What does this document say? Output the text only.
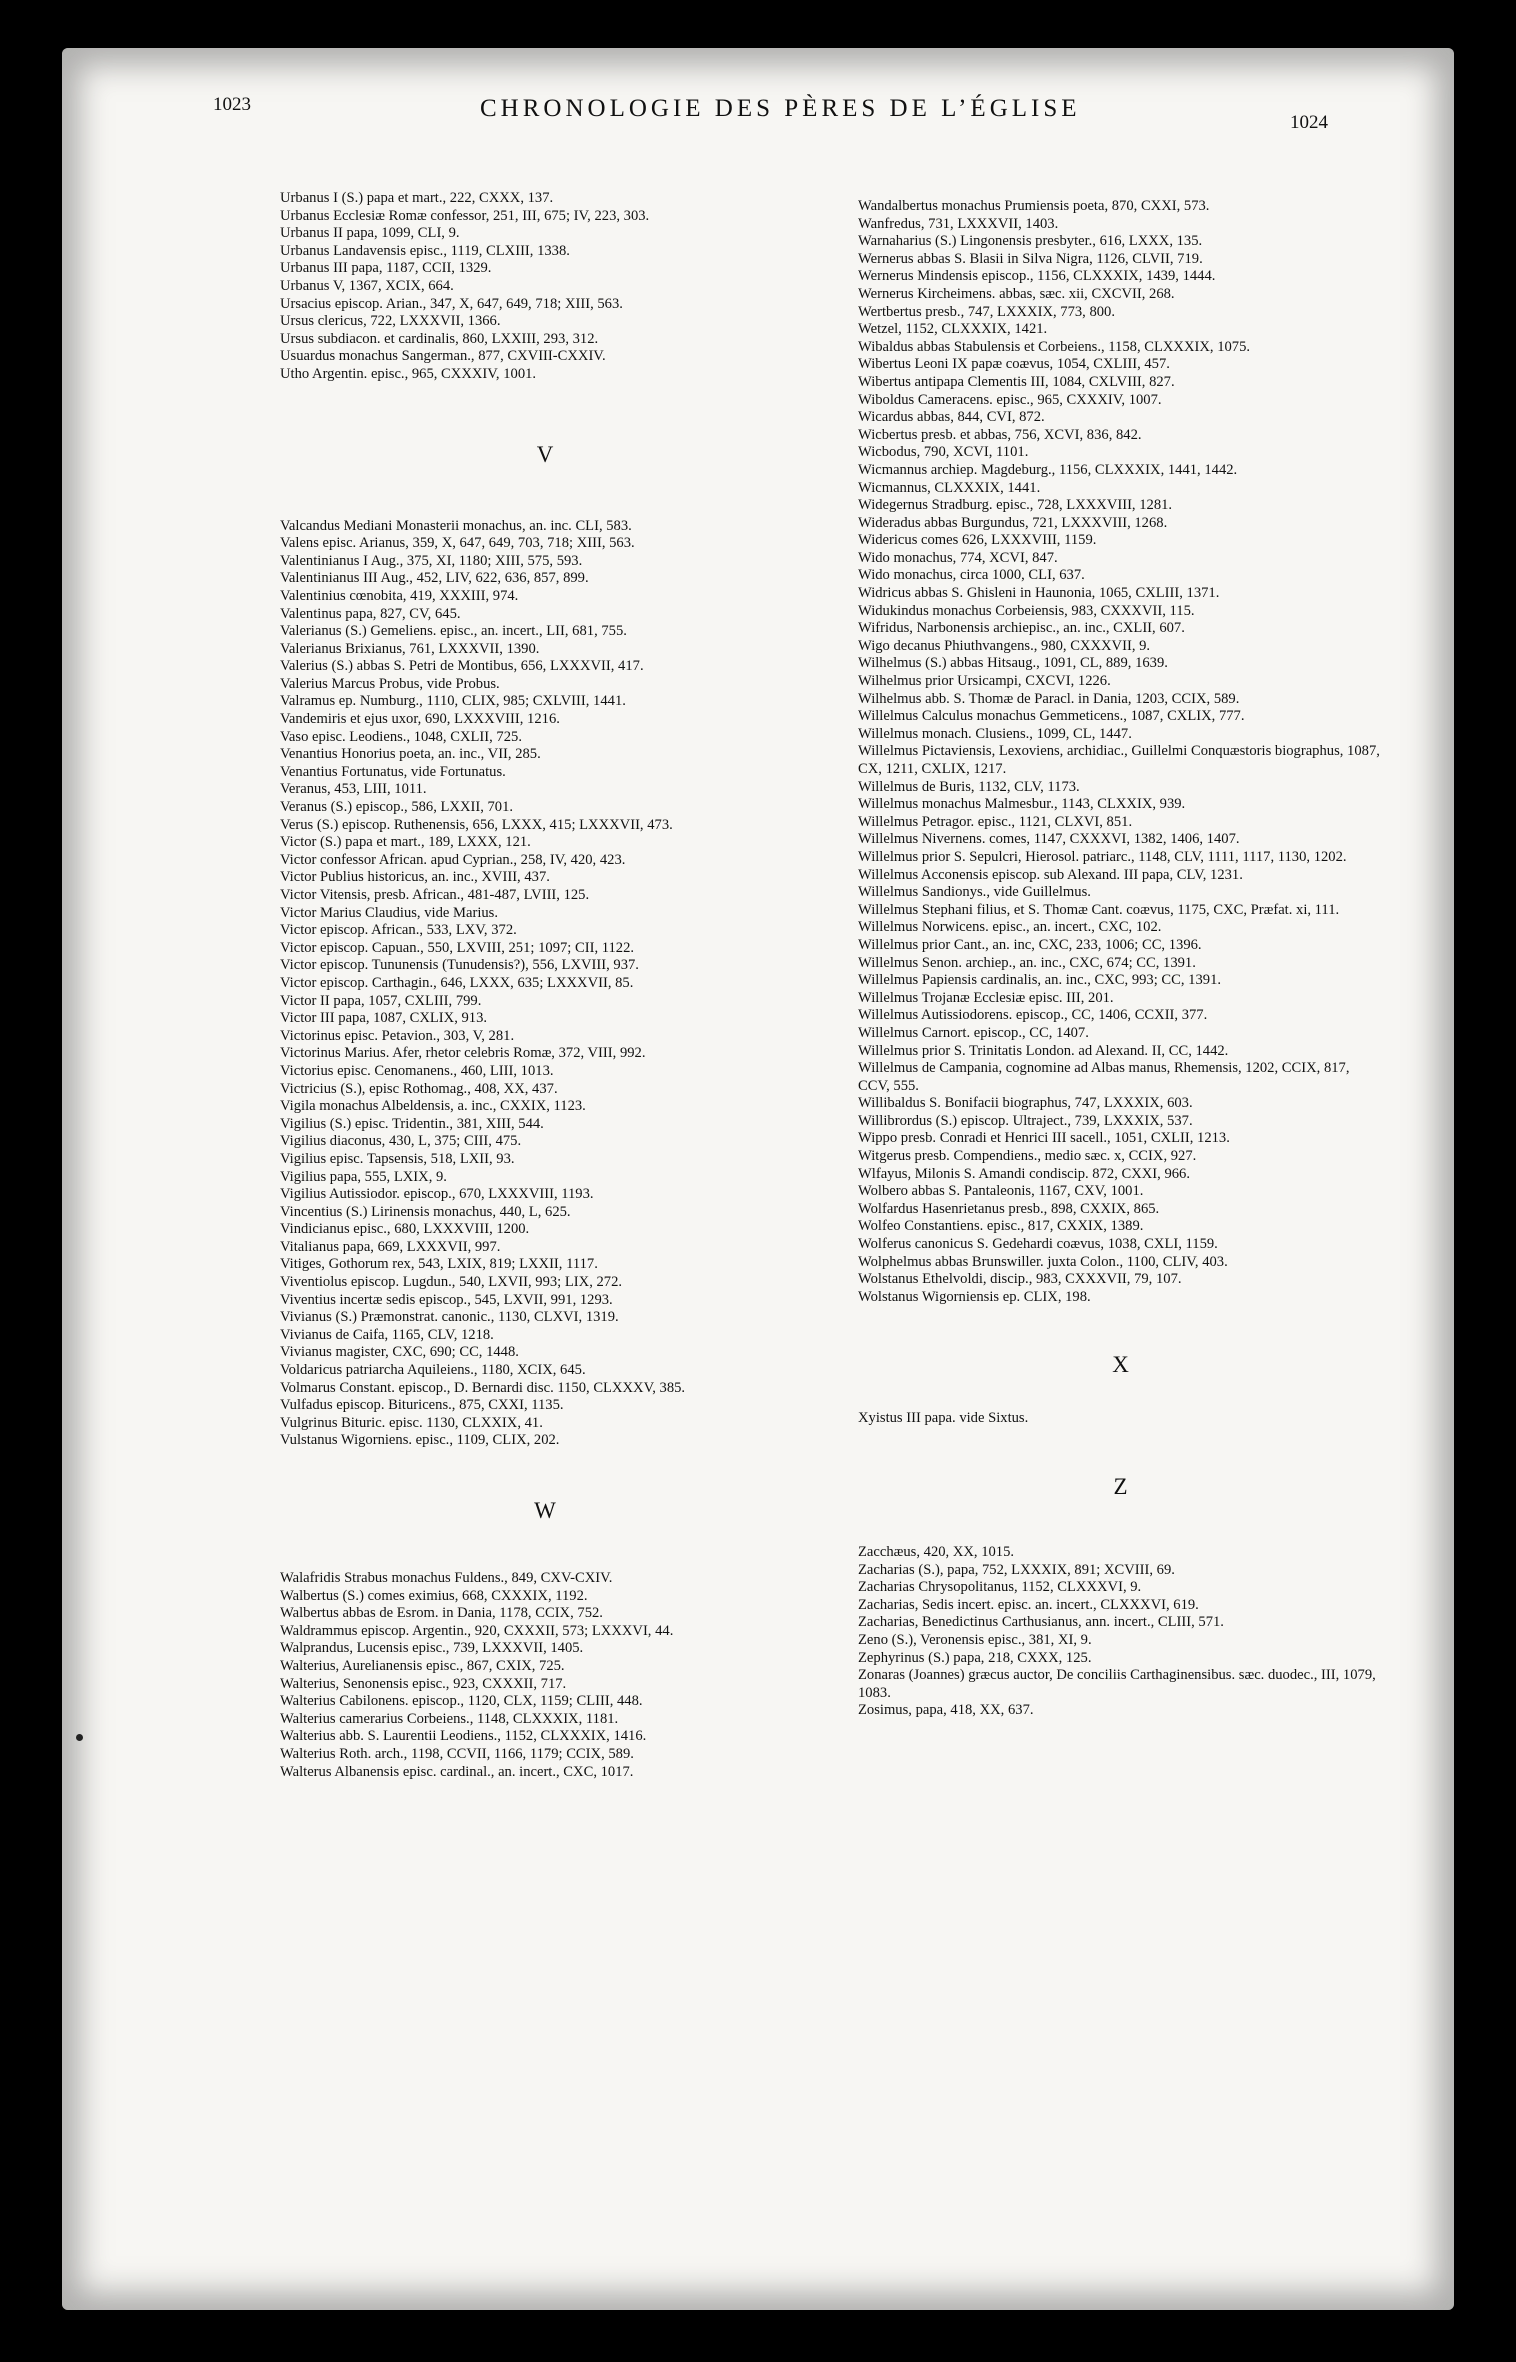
1023	CHRONOLOGIE DES PÈRES DE L’ÉGLISE
1024
Urbanus I (S.) papa et mart., 222, CXXX, 137.
Urbanus Ecclesiæ Romæ confessor, 251, III, 675; IV, 223, 303.
Urbanus II papa, 1099, CLI, 9.
Urbanus Landavensis episc., 1119, CLXIII, 1338.
Urbanus III papa, 1187, CCII, 1329.
Urbanus V, 1367, XCIX, 664.
Ursacius episcop. Arian., 347, X, 647, 649, 718; XIII, 563.
Ursus clericus, 722, LXXXVII, 1366.
Ursus subdiacon. et cardinalis, 860, LXXIII, 293, 312.
Usuardus monachus Sangerman., 877, CXVIII-CXXIV.
Utho Argentin. episc., 965, CXXXIV, 1001.
V
Valcandus Mediani Monasterii monachus, an. inc. CLI, 583.
Valens episc. Arianus, 359, X, 647, 649, 703, 718; XIII, 563.
Valentinianus I Aug., 375, XI, 1180; XIII, 575, 593.
Valentinianus III Aug., 452, LIV, 622, 636, 857, 899.
Valentinius cœnobita, 419, XXXIII, 974.
Valentinus papa, 827, CV, 645.
Valerianus (S.) Gemeliens. episc., an. incert., LII, 681, 755.
Valerianus Brixianus, 761, LXXXVII, 1390.
Valerius (S.) abbas S. Petri de Montibus, 656, LXXXVII, 417.
Valerius Marcus Probus, vide Probus.
Valramus ep. Numburg., 1110, CLIX, 985; CXLVIII, 1441.
Vandemiris et ejus uxor, 690, LXXXVIII, 1216.
Vaso episc. Leodiens., 1048, CXLII, 725.
Venantius Honorius poeta, an. inc., VII, 285.
Venantius Fortunatus, vide Fortunatus.
Veranus, 453, LIII, 1011.
Veranus (S.) episcop., 586, LXXII, 701.
Verus (S.) episcop. Ruthenensis, 656, LXXX, 415; LXXXVII, 473.
Victor (S.) papa et mart., 189, LXXX, 121.
Victor confessor African. apud Cyprian., 258, IV, 420, 423.
Victor Publius historicus, an. inc., XVIII, 437.
Victor Vitensis, presb. African., 481-487, LVIII, 125.
Victor Marius Claudius, vide Marius.
Victor episcop. African., 533, LXV, 372.
Victor episcop. Capuan., 550, LXVIII, 251; 1097; CII, 1122.
Victor episcop. Tununensis (Tunudensis?), 556, LXVIII, 937.
Victor episcop. Carthagin., 646, LXXX, 635; LXXXVII, 85.
Victor II papa, 1057, CXLIII, 799.
Victor III papa, 1087, CXLIX, 913.
Victorinus episc. Petavion., 303, V, 281.
Victorinus Marius. Afer, rhetor celebris Romæ, 372, VIII, 992.
Victorius episc. Cenomanens., 460, LIII, 1013.
Victricius (S.), episc Rothomag., 408, XX, 437.
Vigila monachus Albeldensis, a. inc., CXXIX, 1123.
Vigilius (S.) episc. Tridentin., 381, XIII, 544.
Vigilius diaconus, 430, L, 375; CIII, 475.
Vigilius episc. Tapsensis, 518, LXII, 93.
Vigilius papa, 555, LXIX, 9.
Vigilius Autissiodor. episcop., 670, LXXXVIII, 1193.
Vincentius (S.) Lirinensis monachus, 440, L, 625.
Vindicianus episc., 680, LXXXVIII, 1200.
Vitalianus papa, 669, LXXXVII, 997.
Vitiges, Gothorum rex, 543, LXIX, 819; LXXII, 1117.
Viventiolus episcop. Lugdun., 540, LXVII, 993; LIX, 272.
Viventius incertæ sedis episcop., 545, LXVII, 991, 1293.
Vivianus (S.) Præmonstrat. canonic., 1130, CLXVI, 1319.
Vivianus de Caifa, 1165, CLV, 1218.
Vivianus magister, CXC, 690; CC, 1448.
Voldaricus patriarcha Aquileiens., 1180, XCIX, 645.
Volmarus Constant. episcop., D. Bernardi disc. 1150, CLXXXV, 385.
Vulfadus episcop. Bituricens., 875, CXXI, 1135.
Vulgrinus Bituric. episc. 1130, CLXXIX, 41.
Vulstanus Wigorniens. episc., 1109, CLIX, 202.
W
Walafridis Strabus monachus Fuldens., 849, CXV-CXIV.
Walbertus (S.) comes eximius, 668, CXXXIX, 1192.
Walbertus abbas de Esrom. in Dania, 1178, CCIX, 752.
Waldrammus episcop. Argentin., 920, CXXXII, 573; LXXXVI, 44.
Walprandus, Lucensis episc., 739, LXXXVII, 1405.
Walterius, Aurelianensis episc., 867, CXIX, 725.
Walterius, Senonensis episc., 923, CXXXII, 717.
Walterius Cabilonens. episcop., 1120, CLX, 1159; CLIII, 448.
Walterius camerarius Corbeiens., 1148, CLXXXIX, 1181.
Walterius abb. S. Laurentii Leodiens., 1152, CLXXXIX, 1416.
Walterius Roth. arch., 1198, CCVII, 1166, 1179; CCIX, 589.
Walterus Albanensis episc. cardinal., an. incert., CXC, 1017.
Wandalbertus monachus Prumiensis poeta, 870, CXXI, 573.
Wanfredus, 731, LXXXVII, 1403.
Warnaharius (S.) Lingonensis presbyter., 616, LXXX, 135.
Wernerus abbas S. Blasii in Silva Nigra, 1126, CLVII, 719.
Wernerus Mindensis episcop., 1156, CLXXXIX, 1439, 1444.
Wernerus Kircheimens. abbas, sæc. xii, CXCVII, 268.
Wertbertus presb., 747, LXXXIX, 773, 800.
Wetzel, 1152, CLXXXIX, 1421.
Wibaldus abbas Stabulensis et Corbeiens., 1158, CLXXXIX, 1075.
Wibertus Leoni IX papæ coævus, 1054, CXLIII, 457.
Wibertus antipapa Clementis III, 1084, CXLVIII, 827.
Wiboldus Cameracens. episc., 965, CXXXIV, 1007.
Wicardus abbas, 844, CVI, 872.
Wicbertus presb. et abbas, 756, XCVI, 836, 842.
Wicbodus, 790, XCVI, 1101.
Wicmannus archiep. Magdeburg., 1156, CLXXXIX, 1441, 1442.
Wicmannus, CLXXXIX, 1441.
Widegernus Stradburg. episc., 728, LXXXVIII, 1281.
Wideradus abbas Burgundus, 721, LXXXVIII, 1268.
Widericus comes 626, LXXXVIII, 1159.
Wido monachus, 774, XCVI, 847.
Wido monachus, circa 1000, CLI, 637.
Widricus abbas S. Ghisleni in Haunonia, 1065, CXLIII, 1371.
Widukindus monachus Corbeiensis, 983, CXXXVII, 115.
Wifridus, Narbonensis archiepisc., an. inc., CXLII, 607.
Wigo decanus Phiuthvangens., 980, CXXXVII, 9.
Wilhelmus (S.) abbas Hitsaug., 1091, CL, 889, 1639.
Wilhelmus prior Ursicampi, CXCVI, 1226.
Wilhelmus abb. S. Thomæ de Paracl. in Dania, 1203, CCIX, 589.
Willelmus Calculus monachus Gemmeticens., 1087, CXLIX, 777.
Willelmus monach. Clusiens., 1099, CL, 1447.
Willelmus Pictaviensis, Lexoviens, archidiac., Guillelmi Conquæstoris biographus, 1087, CX, 1211, CXLIX, 1217.
Willelmus de Buris, 1132, CLV, 1173.
Willelmus monachus Malmesbur., 1143, CLXXIX, 939.
Willelmus Petragor. episc., 1121, CLXVI, 851.
Willelmus Nivernens. comes, 1147, CXXXVI, 1382, 1406, 1407.
Willelmus prior S. Sepulcri, Hierosol. patriarc., 1148, CLV, 1111, 1117, 1130, 1202.
Willelmus Acconensis episcop. sub Alexand. III papa, CLV, 1231.
Willelmus Sandionys., vide Guillelmus.
Willelmus Stephani filius, et S. Thomæ Cant. coævus, 1175, CXC, Præfat. xi, 111.
Willelmus Norwicens. episc., an. incert., CXC, 102.
Willelmus prior Cant., an. inc, CXC, 233, 1006; CC, 1396.
Willelmus Senon. archiep., an. inc., CXC, 674; CC, 1391.
Willelmus Papiensis cardinalis, an. inc., CXC, 993; CC, 1391.
Willelmus Trojanæ Ecclesiæ episc. III, 201.
Willelmus Autissiodorens. episcop., CC, 1406, CCXII, 377.
Willelmus Carnort. episcop., CC, 1407.
Willelmus prior S. Trinitatis London. ad Alexand. II, CC, 1442.
Willelmus de Campania, cognomine ad Albas manus, Rhemensis, 1202, CCIX, 817, CCV, 555.
Willibaldus S. Bonifacii biographus, 747, LXXXIX, 603.
Willibrordus (S.) episcop. Ultraject., 739, LXXXIX, 537.
Wippo presb. Conradi et Henrici III sacell., 1051, CXLII, 1213.
Witgerus presb. Compendiens., medio sæc. x, CCIX, 927.
Wlfayus, Milonis S. Amandi condiscip. 872, CXXI, 966.
Wolbero abbas S. Pantaleonis, 1167, CXV, 1001.
Wolfardus Hasenrietanus presb., 898, CXXIX, 865.
Wolfeo Constantiens. episc., 817, CXXIX, 1389.
Wolferus canonicus S. Gedehardi coævus, 1038, CXLI, 1159.
Wolphelmus abbas Brunswiller. juxta Colon., 1100, CLIV, 403.
Wolstanus Ethelvoldi, discip., 983, CXXXVII, 79, 107.
Wolstanus Wigorniensis ep. CLIX, 198.
X
Xyistus III papa. vide Sixtus.
Z
Zacchæus, 420, XX, 1015.
Zacharias (S.), papa, 752, LXXXIX, 891; XCVIII, 69.
Zacharias Chrysopolitanus, 1152, CLXXXVI, 9.
Zacharias, Sedis incert. episc. an. incert., CLXXXVI, 619.
Zacharias, Benedictinus Carthusianus, ann. incert., CLIII, 571.
Zeno (S.), Veronensis episc., 381, XI, 9.
Zephyrinus (S.) papa, 218, CXXX, 125.
Zonaras (Joannes) græcus auctor, De conciliis Carthaginensibus. sæc. duodec., III, 1079, 1083.
Zosimus, papa, 418, XX, 637.
